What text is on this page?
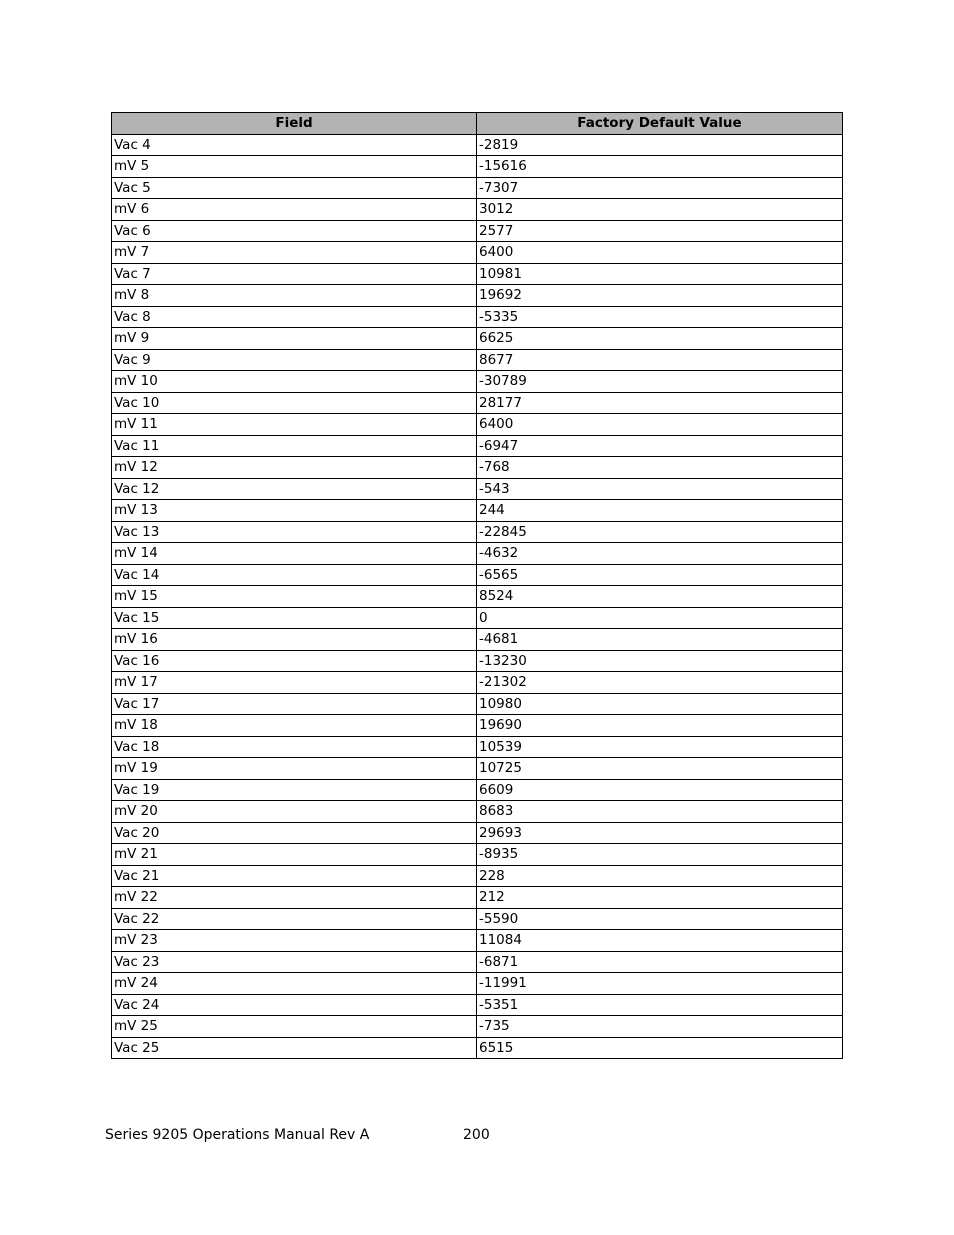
Field	Factory Default Value
Vac 4	-2819
mV 5	-15616
Vac 5	-7307
mV 6	3012
Vac 6	2577
mV 7	6400
Vac 7	10981
mV 8	19692
Vac 8	-5335
mV 9	6625
Vac 9	8677
mV 10	-30789
Vac 10	28177
mV 11	6400
Vac 11	-6947
mV 12	-768
Vac 12	-543
mV 13	244
Vac 13	-22845
mV 14	-4632
Vac 14	-6565
mV 15	8524
Vac 15	0
mV 16	-4681
Vac 16	-13230
mV 17	-21302
Vac 17	10980
mV 18	19690
Vac 18	10539
mV 19	10725
Vac 19	6609
mV 20	8683
Vac 20	29693
mV 21	-8935
Vac 21	228
mV 22	212
Vac 22	-5590
mV 23	11084
Vac 23	-6871
mV 24	-11991
Vac 24	-5351
mV 25	-735
Vac 25	6515
Series 9205 Operations Manual Rev A	200
